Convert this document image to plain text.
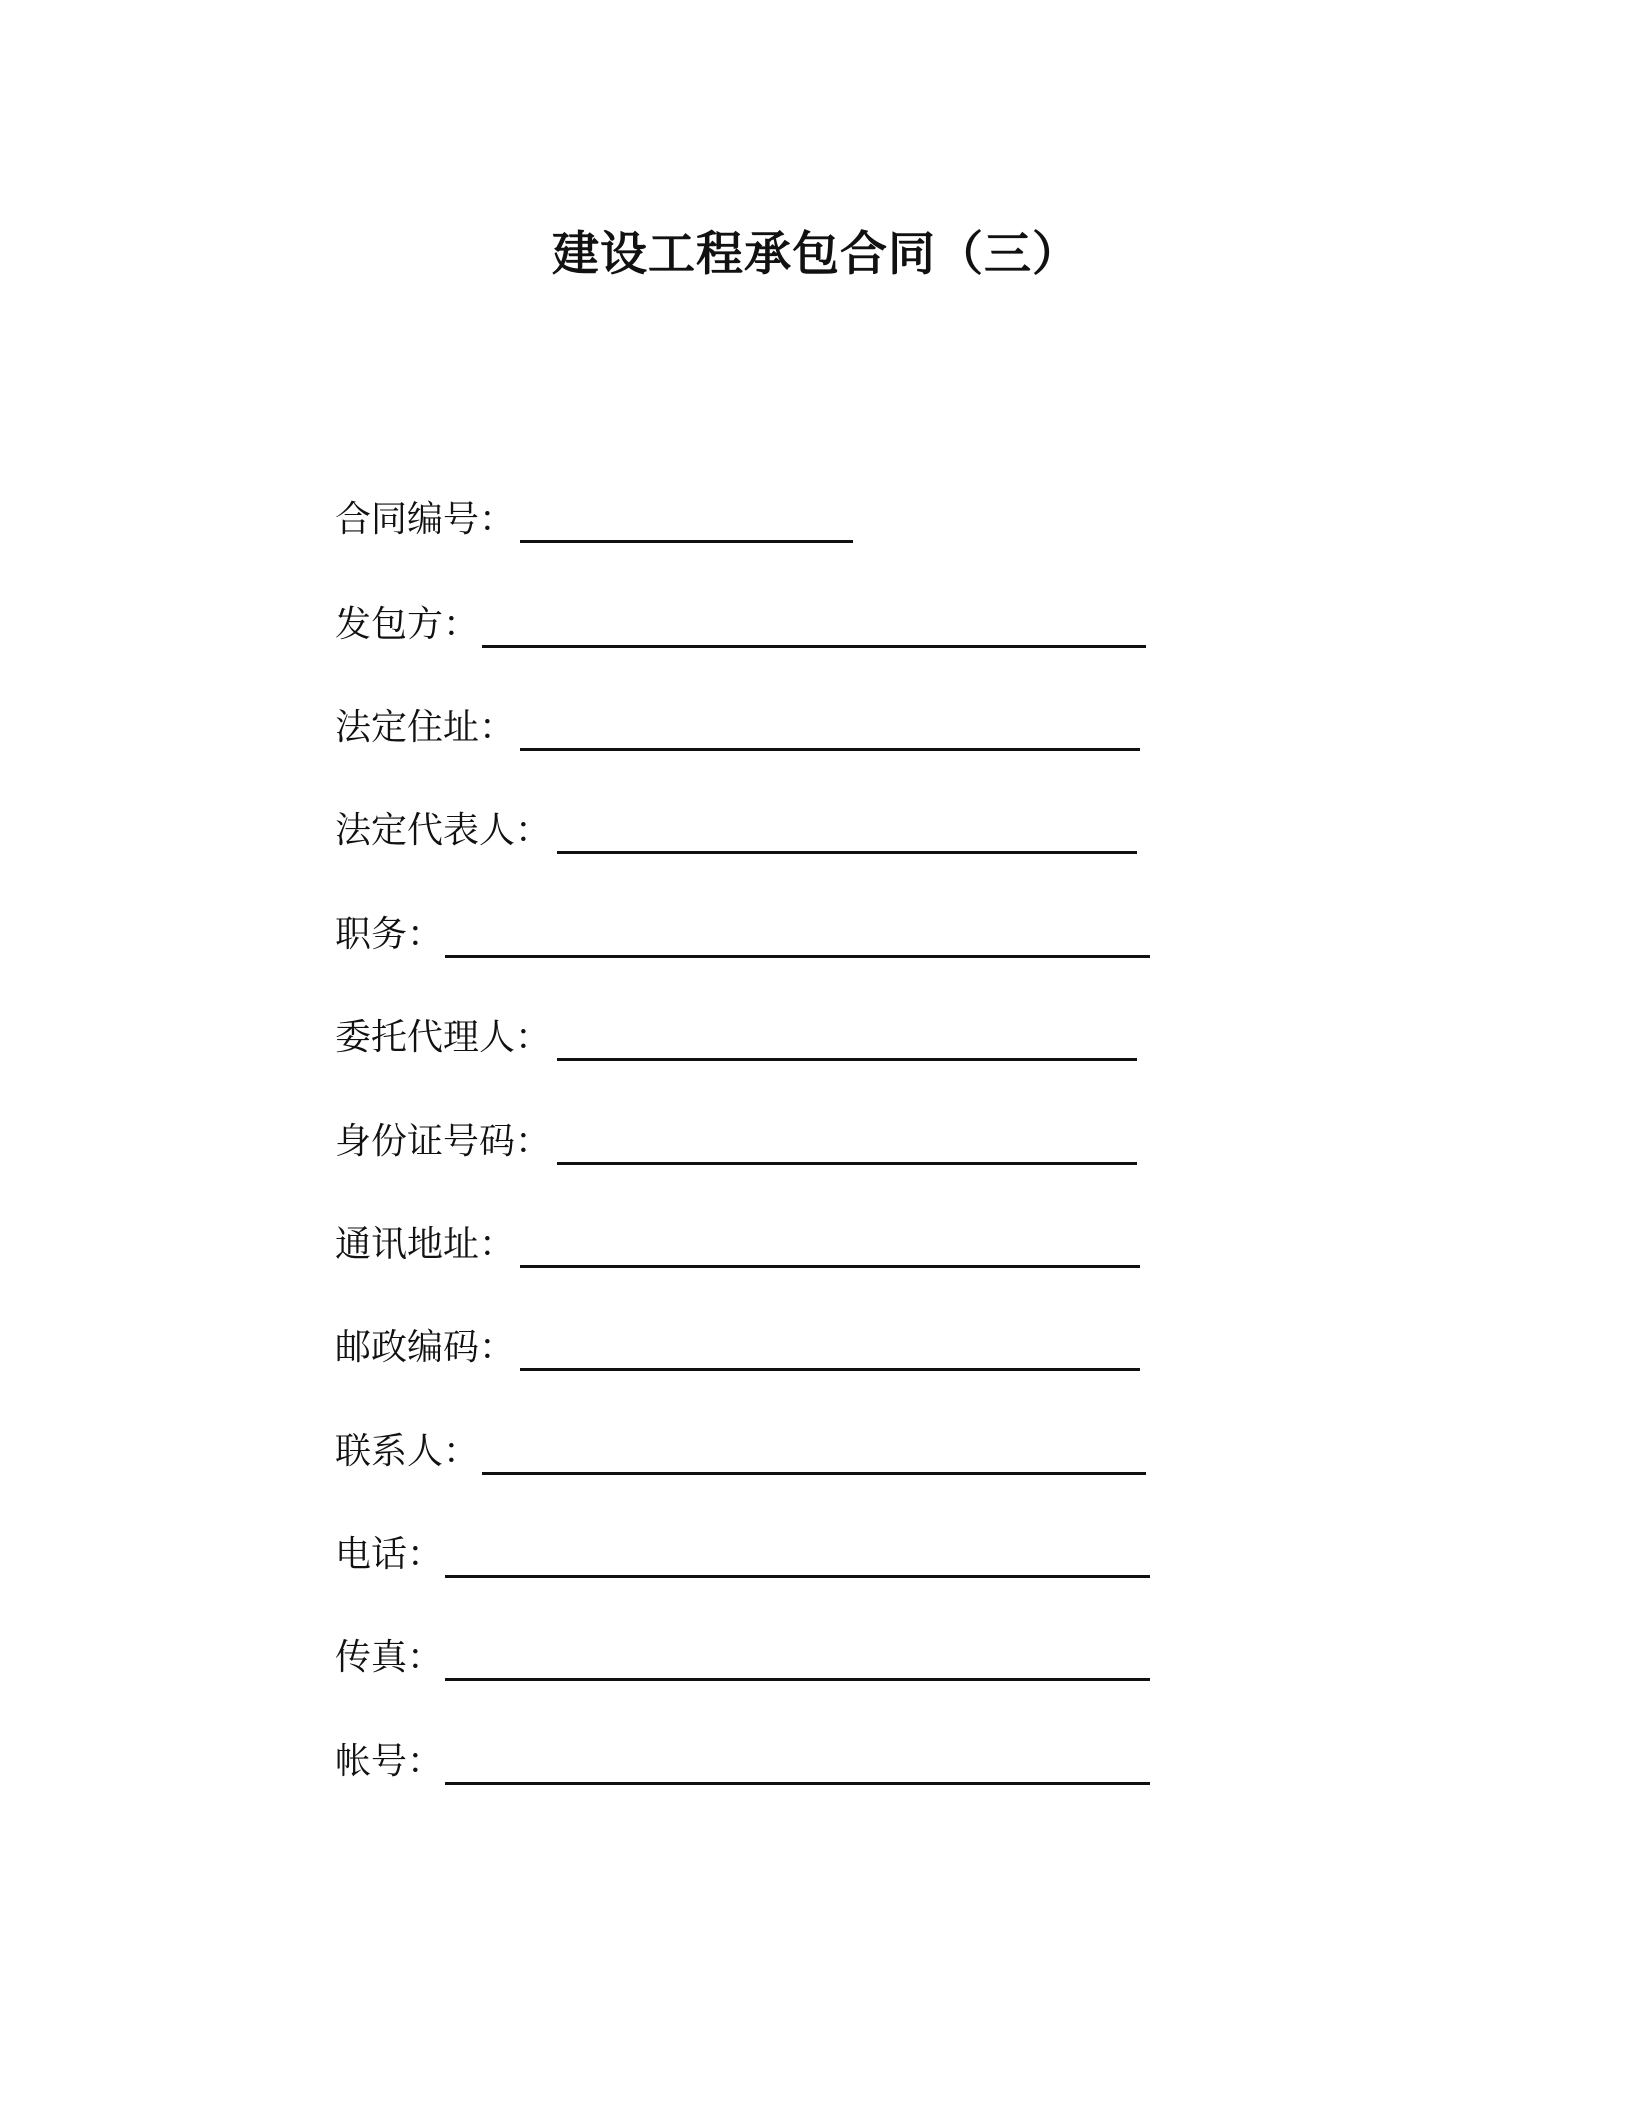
建设工程承包合同（三）
合同编号：
发包方：
法定住址：
法定代表人：
职务：
委托代理人：
身份证号码：
通讯地址：
邮政编码：
联系人：
电话：
传真：
帐号：
